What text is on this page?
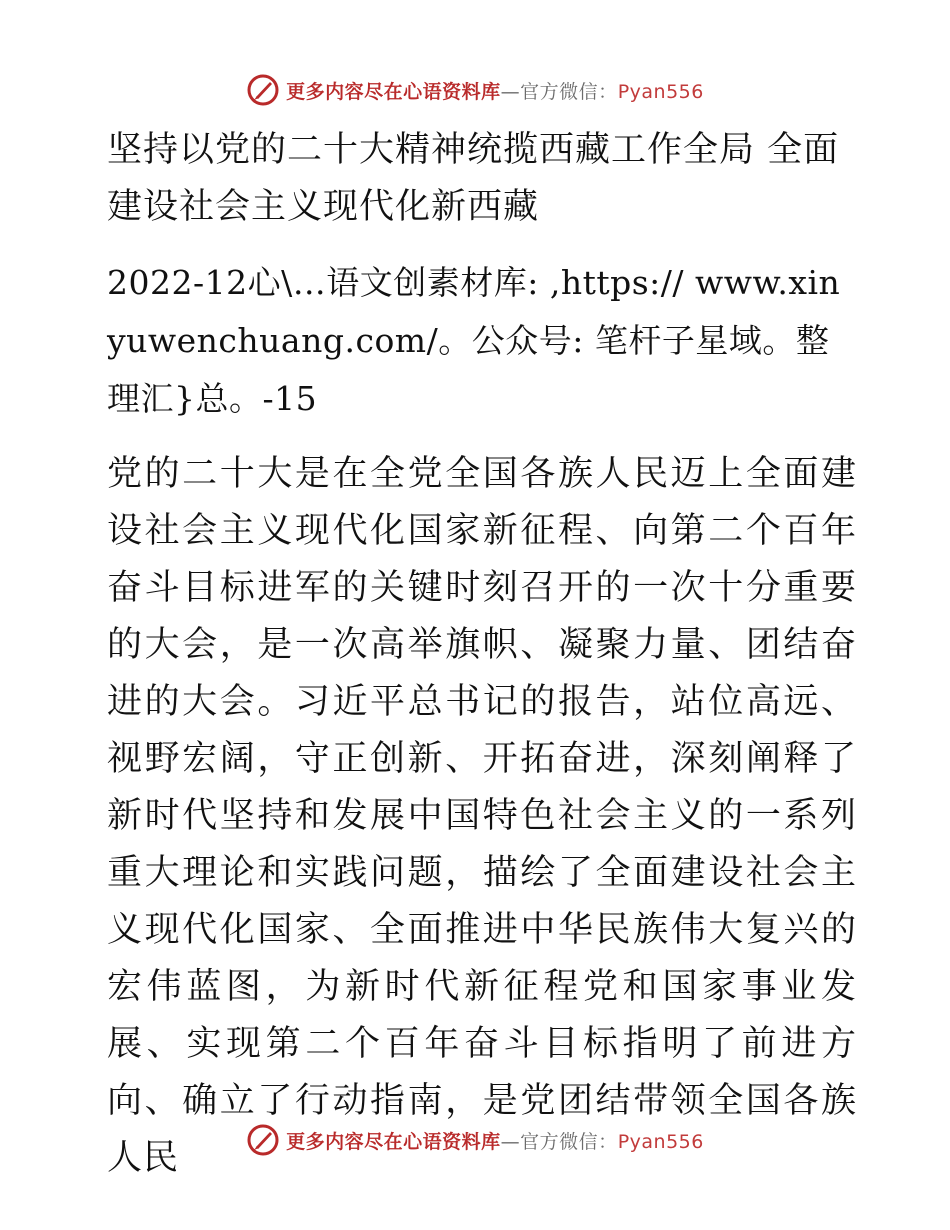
更多内容尽在心语资料库—官方微信：Pyan556
坚持以党的二十大精神统揽西藏工作全局 全面建设社会主义现代化新西藏

2022-12心\…语文创素材库: ,https:// www.xinyuwenchuang.com/。公众号: 笔杆子星域。整理汇}总。-15

党的二十大是在全党全国各族人民迈上全面建设社会主义现代化国家新征程、向第二个百年奋斗目标进军的关键时刻召开的一次十分重要的大会，是一次高举旗帜、凝聚力量、团结奋进的大会。习近平总书记的报告，站位高远、视野宏阔，守正创新、开拓奋进，深刻阐释了新时代坚持和发展中国特色社会主义的一系列重大理论和实践问题，描绘了全面建设社会主义现代化国家、全面推进中华民族伟大复兴的宏伟蓝图，为新时代新征程党和国家事业发展、实现第二个百年奋斗目标指明了前进方向、确立了行动指南，是党团结带领全国各族人民	更多内容尽在心语资料库—官方微信：Pyan556
